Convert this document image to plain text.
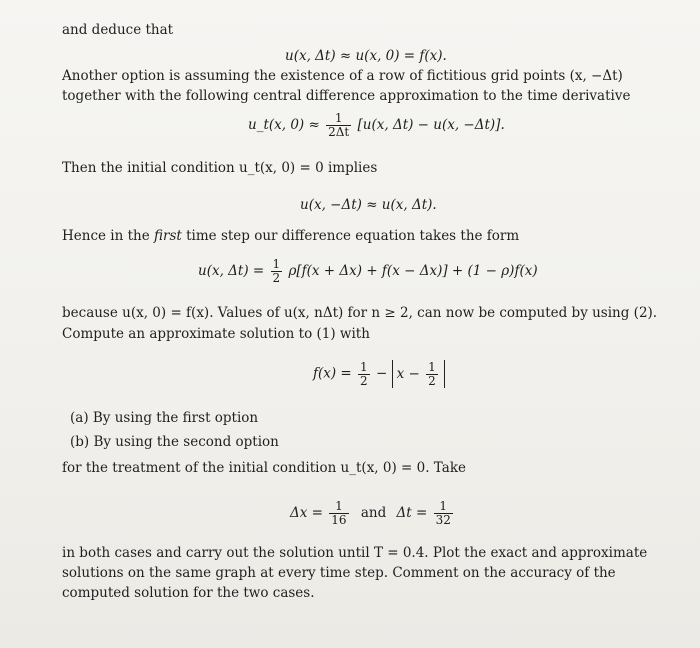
and deduce that
u(x, Δt) ≈ u(x, 0) = f(x).
Another option is assuming the existence of a row of fictitious grid points (x, −Δt) together with the following central difference approximation to the time derivative
u_t(x, $0) \approx \frac{1}{2\Delta t} [u(x$, Δt) − u(x, −Δt)].
Then the initial condition u_t(x, 0) = 0 implies
u(x, −Δt) ≈ u(x, Δt).
Hence in the first time step our difference equation takes the form
u(x, $\Delta t) = \frac{1}{2} \rho[f(x + \Delta x) + f(x - \Delta x)] + (1 - \rho)f(x)$
because u(x, 0) = f(x). Values of u(x, nΔt) for n ≥ 2, can now be computed by using (2).
Compute an approximate solution to (1) with
$f(x) = \frac{1}{2} - x - \frac{1}{2}$
(a) By using the first option
(b) By using the second option
for the treatment of the initial condition u_t(x, 0) = 0. Take
$\Delta x = \frac{1}{16}$ and $\Delta t = \frac{1}{32}$
in both cases and carry out the solution until T = 0.4. Plot the exact and approximate solutions on the same graph at every time step. Comment on the accuracy of the computed solution for the two cases.
